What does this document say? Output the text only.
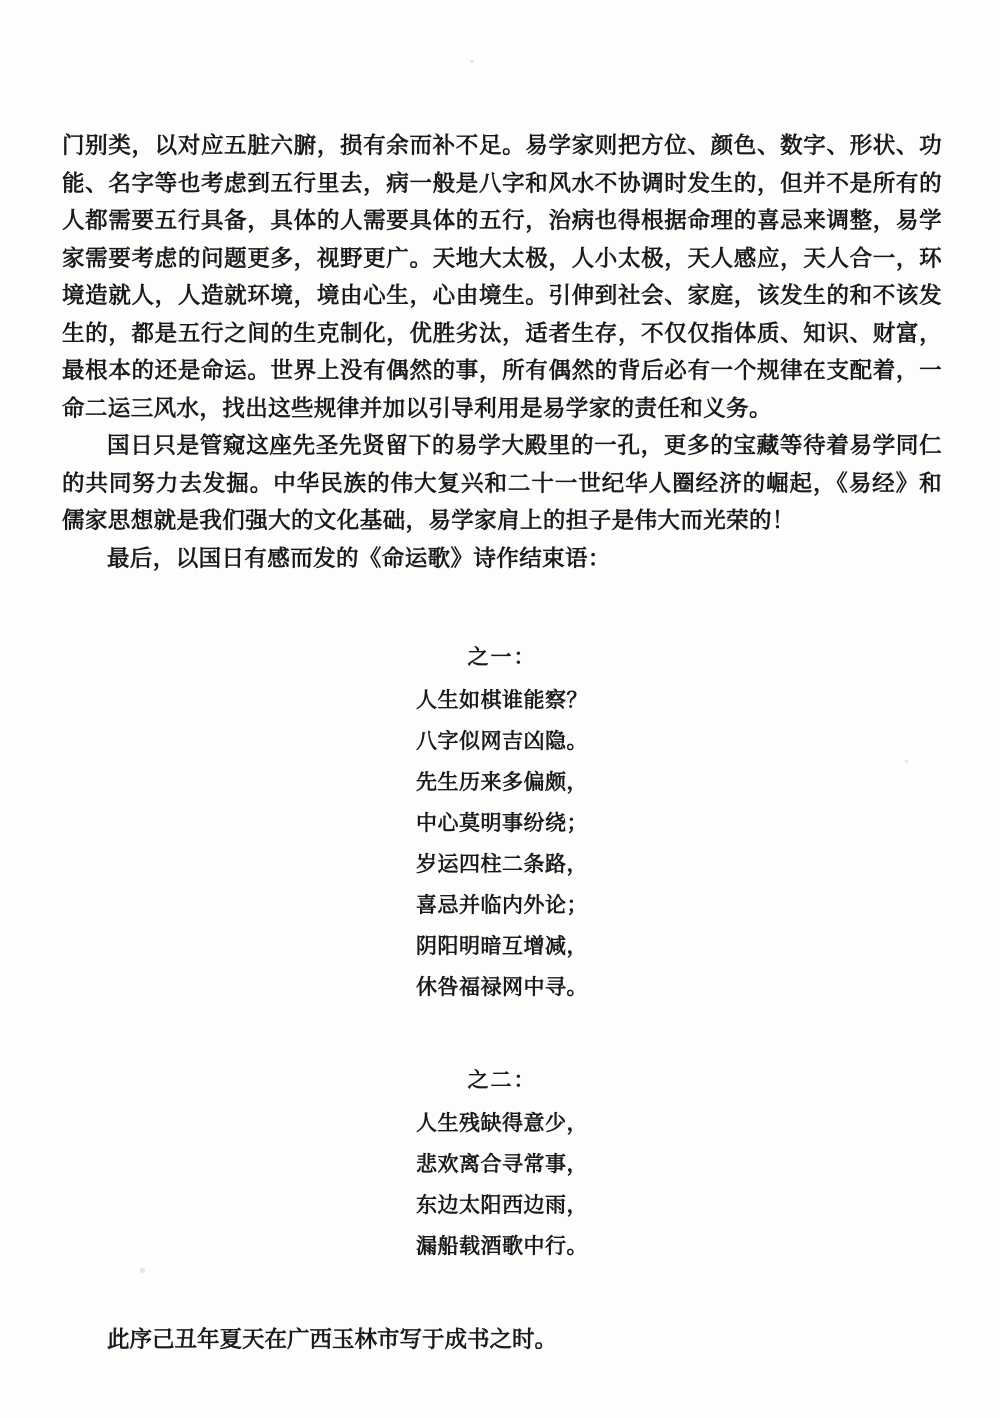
门别类，以对应五脏六腑，损有余而补不足。易学家则把方位、颜色、数字、形状、功能、名字等也考虑到五行里去，病一般是八字和风水不协调时发生的，但并不是所有的人都需要五行具备，具体的人需要具体的五行，治病也得根据命理的喜忌来调整，易学家需要考虑的问题更多，视野更广。天地大太极，人小太极，天人感应，天人合一，环境造就人，人造就环境，境由心生，心由境生。引伸到社会、家庭，该发生的和不该发生的，都是五行之间的生克制化，优胜劣汰，适者生存，不仅仅指体质、知识、财富，最根本的还是命运。世界上没有偶然的事，所有偶然的背后必有一个规律在支配着，一命二运三风水，找出这些规律并加以引导利用是易学家的责任和义务。

国日只是管窥这座先圣先贤留下的易学大殿里的一孔，更多的宝藏等待着易学同仁的共同努力去发掘。中华民族的伟大复兴和二十一世纪华人圈经济的崛起，《易经》和儒家思想就是我们强大的文化基础，易学家肩上的担子是伟大而光荣的！

最后，以国日有感而发的《命运歌》诗作结束语：

之一：
人生如棋谁能察？
八字似网吉凶隐。
先生历来多偏颇，
中心莫明事纷绕；
岁运四柱二条路，
喜忌并临内外论；
阴阳明暗互增减，
休咎福禄网中寻。
之二：
人生残缺得意少，
悲欢离合寻常事，
东边太阳西边雨，
漏船载酒歌中行。

此序己丑年夏天在广西玉林市写于成书之时。
